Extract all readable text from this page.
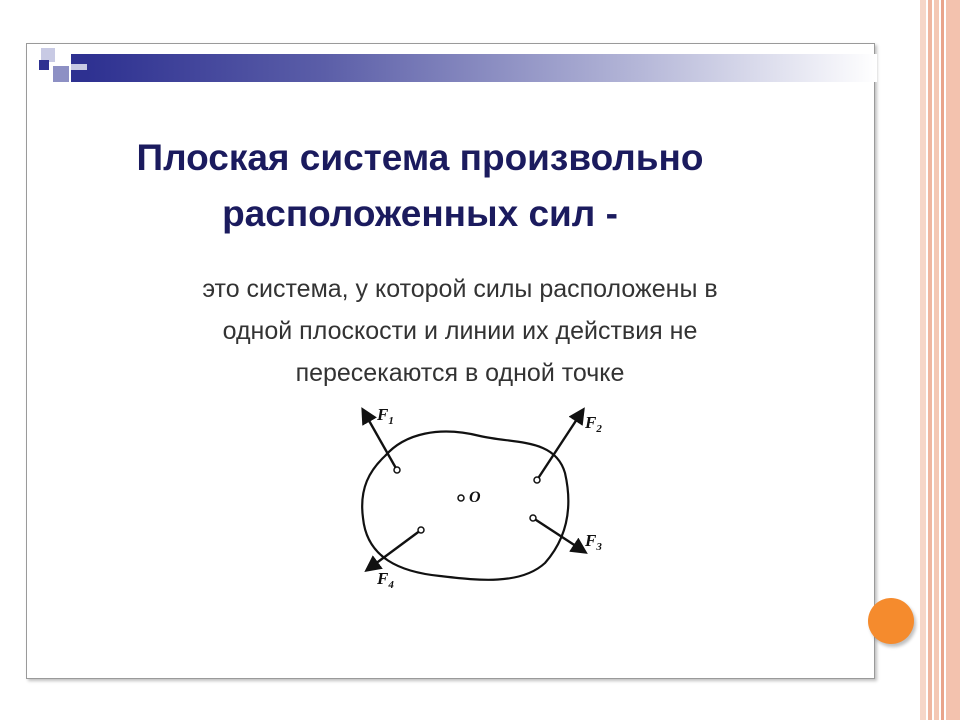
Плоская система произвольно
расположенных сил -
это система, у которой силы расположены в
одной плоскости и линии их действия не
пересекаются в одной точке
O
$F_1$	$F_2$
$F_3$
$F_4$
